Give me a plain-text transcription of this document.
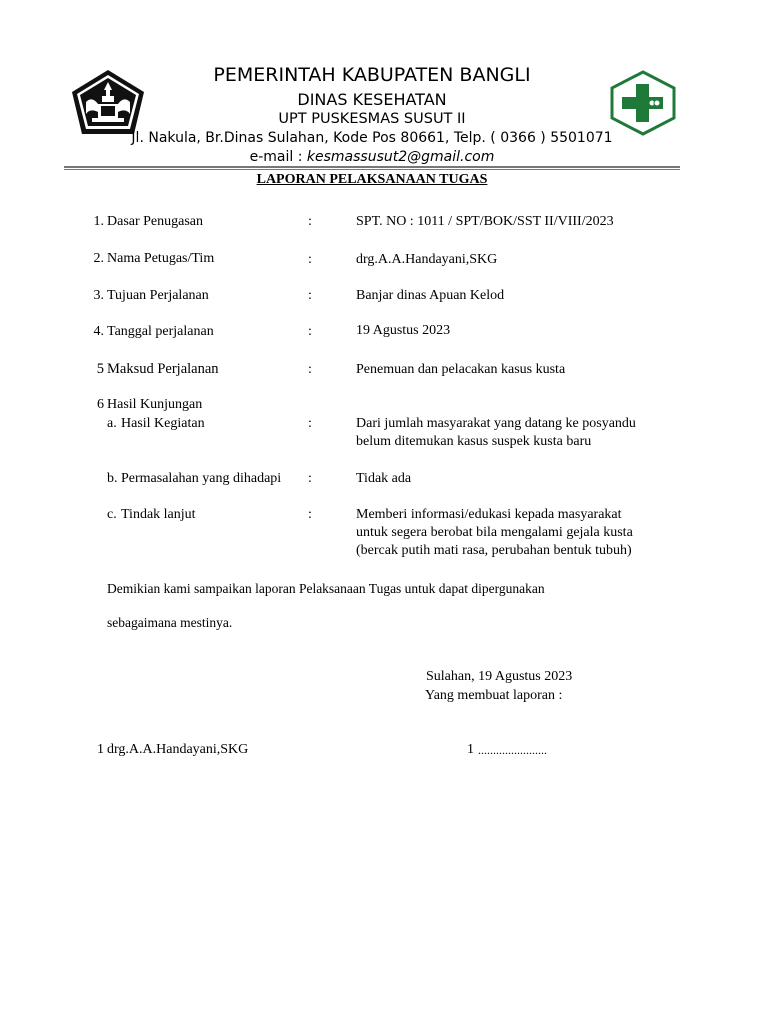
PEMERINTAH KABUPATEN BANGLI
DINAS KESEHATAN
UPT PUSKESMAS SUSUT II
Jl. Nakula, Br.Dinas Sulahan, Kode Pos 80661, Telp. ( 0366 ) 5501071
e-mail : kesmassusut2@gmail.com
LAPORAN PELAKSANAAN TUGAS
1. Dasar Penugasan	:	SPT. NO : 1011 / SPT/BOK/SST II/VIII/2023
2. Nama Petugas/Tim	:	drg.A.A.Handayani,SKG
3. Tujuan Perjalanan	:	Banjar dinas Apuan Kelod
4. Tanggal perjalanan	:	19 Agustus 2023
5 Maksud Perjalanan	:	Penemuan dan pelacakan kasus kusta
6 Hasil Kunjungan
a. Hasil Kegiatan	:	Dari jumlah masyarakat yang datang ke posyandu
belum ditemukan kasus suspek kusta baru
b. Permasalahan yang dihadapi :	Tidak ada
c. Tindak lanjut	:	Memberi informasi/edukasi kepada masyarakat
untuk segera berobat bila mengalami gejala kusta
(bercak putih mati rasa, perubahan bentuk tubuh)
Demikian kami sampaikan laporan Pelaksanaan Tugas untuk dapat dipergunakan
sebagaimana mestinya.
Sulahan, 19 Agustus 2023
Yang membuat laporan :
1 drg.A.A.Handayani,SKG	1 .......................
